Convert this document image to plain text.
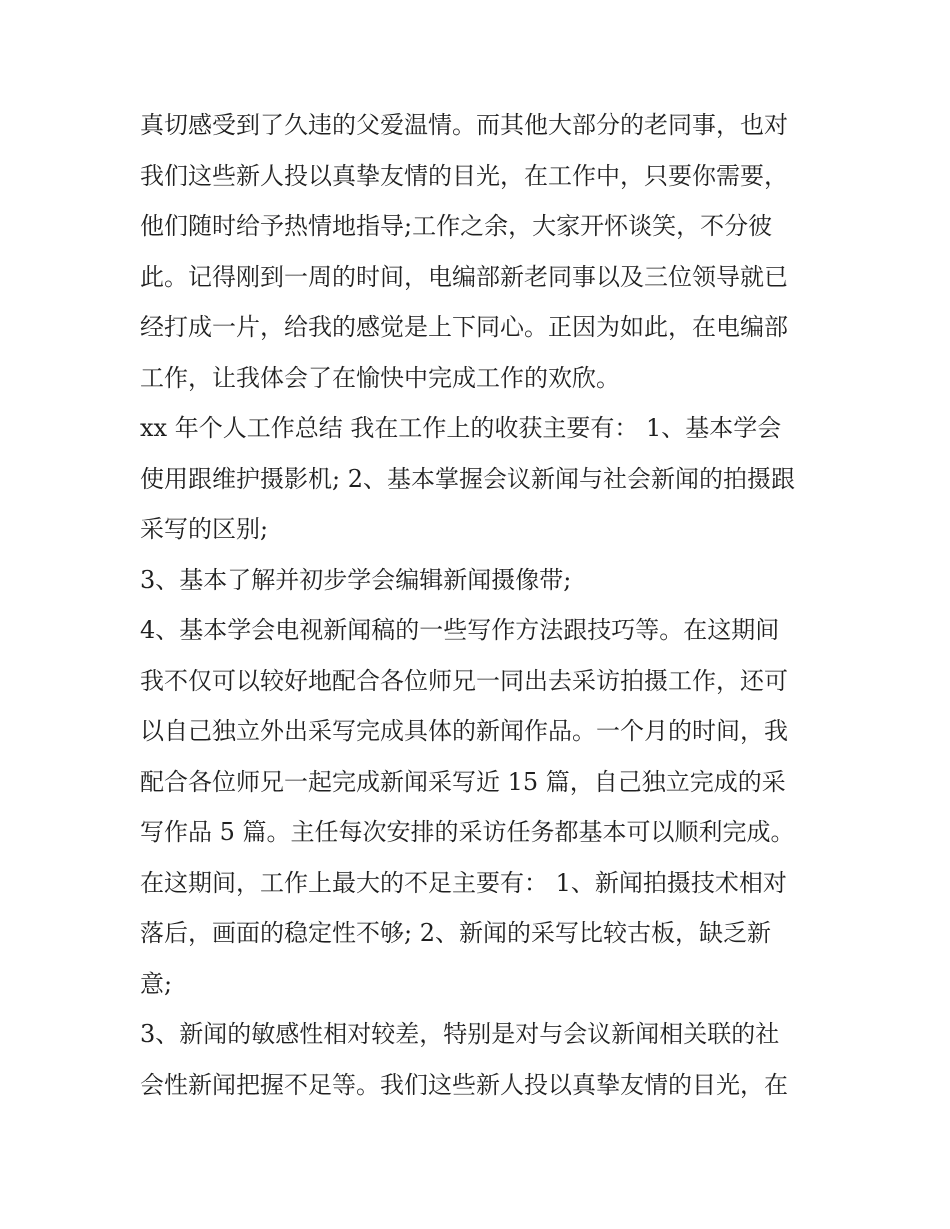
真切感受到了久违的父爱温情。而其他大部分的老同事，也对
我们这些新人投以真挚友情的目光，在工作中，只要你需要，
他们随时给予热情地指导;工作之余，大家开怀谈笑，不分彼
此。记得刚到一周的时间，电编部新老同事以及三位领导就已
经打成一片，给我的感觉是上下同心。正因为如此，在电编部
工作，让我体会了在愉快中完成工作的欢欣。
xx 年个人工作总结 我在工作上的收获主要有： 1、基本学会
使用跟维护摄影机; 2、基本掌握会议新闻与社会新闻的拍摄跟
采写的区别;
3、基本了解并初步学会编辑新闻摄像带;
4、基本学会电视新闻稿的一些写作方法跟技巧等。在这期间
我不仅可以较好地配合各位师兄一同出去采访拍摄工作，还可
以自己独立外出采写完成具体的新闻作品。一个月的时间，我
配合各位师兄一起完成新闻采写近 15 篇，自己独立完成的采
写作品 5 篇。主任每次安排的采访任务都基本可以顺利完成。
在这期间，工作上最大的不足主要有： 1、新闻拍摄技术相对
落后，画面的稳定性不够; 2、新闻的采写比较古板，缺乏新
意;
3、新闻的敏感性相对较差，特别是对与会议新闻相关联的社
会性新闻把握不足等。我们这些新人投以真挚友情的目光，在
